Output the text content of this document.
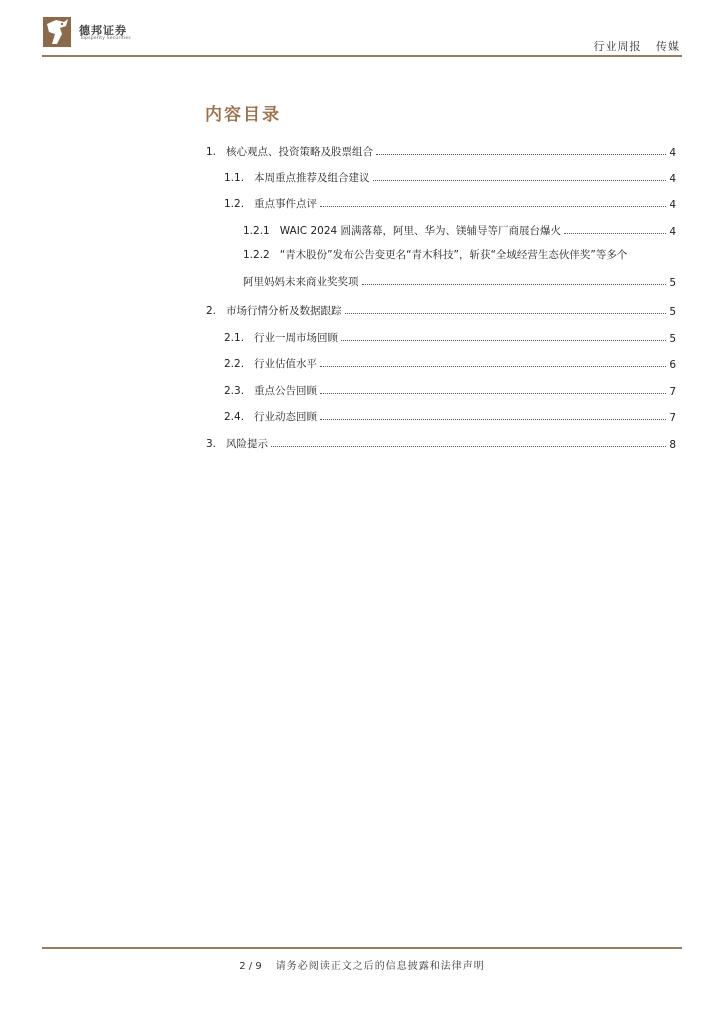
德邦证券
Topsperity Securities
行业周报 传媒
内容目录
1. 核心观点、投资策略及股票组合	4
1.1. 本周重点推荐及组合建议	4
1.2. 重点事件点评	4
1.2.1 WAIC 2024 圆满落幕，阿里、华为、镁辅导等厂商展台爆火	4
1.2.2 “青木股份”发布公告变更名“青木科技”，斩获“全域经营生态伙伴奖”等多个
阿里妈妈未来商业奖奖项	5
2. 市场行情分析及数据跟踪	5
2.1. 行业一周市场回顾	5
2.2. 行业估值水平	6
2.3. 重点公告回顾	7
2.4. 行业动态回顾	7
3. 风险提示	8
2 / 9 请务必阅读正文之后的信息披露和法律声明
